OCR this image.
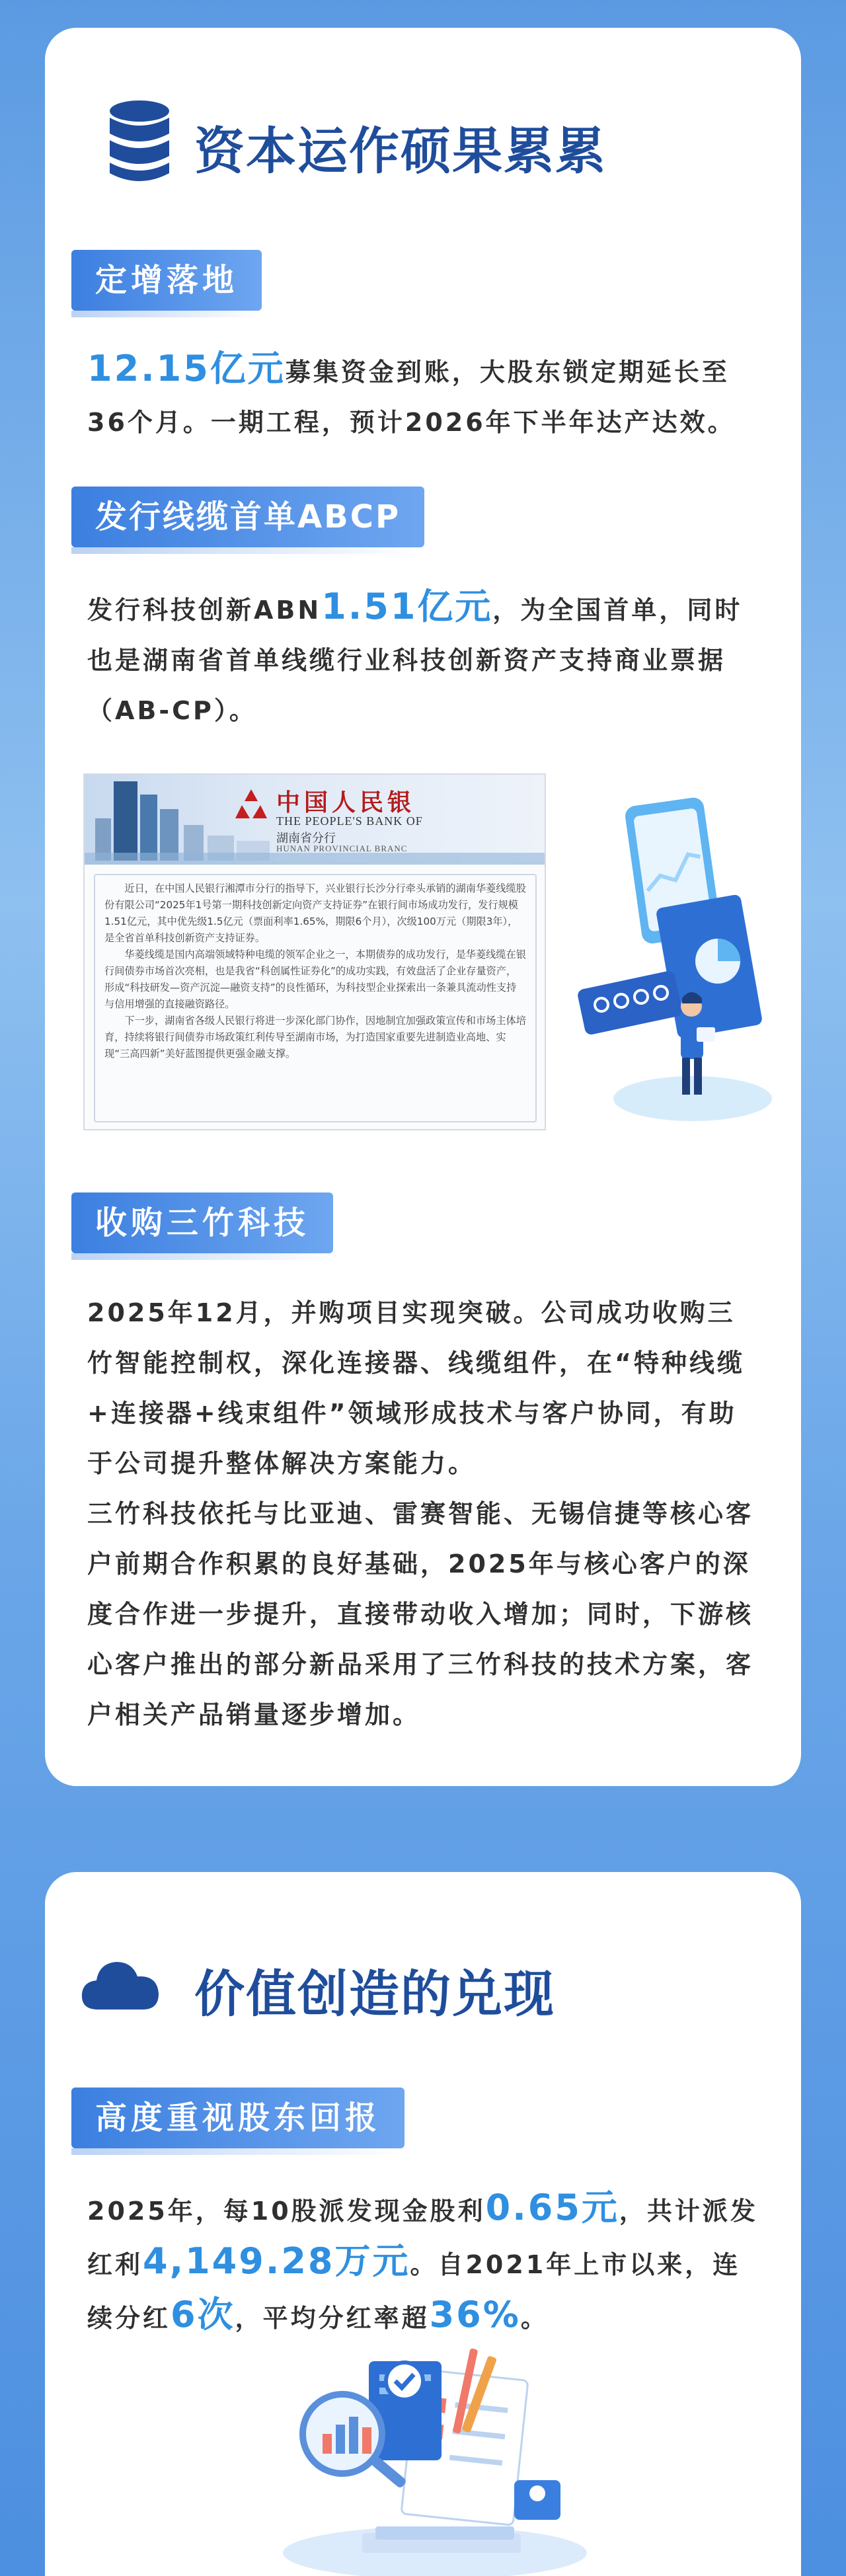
资本运作硕果累累
定增落地
12.15亿元募集资金到账，大股东锁定期延长至36个月。一期工程，预计2026年下半年达产达效。
发行线缆首单ABCP
发行科技创新ABN1.51亿元，为全国首单，同时也是湖南省首单线缆行业科技创新资产支持商业票据（AB-CP）。
中国人民银
THE PEOPLE'S BANK OF
湖南省分行
HUNAN PROVINCIAL BRANC

近日，在中国人民银行湘潭市分行的指导下，兴业银行长沙分行牵头承销的湖南华菱线缆股份有限公司“2025年1号第一期科技创新定向资产支持证券”在银行间市场成功发行，发行规模1.51亿元，其中优先级1.5亿元（票面利率1.65%，期限6个月），次级100万元（期限3年），是全省首单科技创新资产支持证券。

华菱线缆是国内高端领域特种电缆的领军企业之一，本期债券的成功发行，是华菱线缆在银行间债券市场首次亮相，也是我省“科创属性证券化”的成功实践，有效盘活了企业存量资产，形成“科技研发—资产沉淀—融资支持”的良性循环，为科技型企业探索出一条兼具流动性支持与信用增强的直接融资路径。

下一步，湖南省各级人民银行将进一步深化部门协作，因地制宜加强政策宣传和市场主体培育，持续将银行间债券市场政策红利传导至湖南市场，为打造国家重要先进制造业高地、实现“三高四新”美好蓝图提供更强金融支撑。

收购三竹科技
2025年12月，并购项目实现突破。公司成功收购三竹智能控制权，深化连接器、线缆组件，在“特种线缆+连接器+线束组件”领域形成技术与客户协同，有助于公司提升整体解决方案能力。
三竹科技依托与比亚迪、雷赛智能、无锡信捷等核心客户前期合作积累的良好基础，2025年与核心客户的深度合作进一步提升，直接带动收入增加；同时，下游核心客户推出的部分新品采用了三竹科技的技术方案，客户相关产品销量逐步增加。
价值创造的兑现
高度重视股东回报
2025年，每10股派发现金股利0.65元，共计派发红利4,149.28万元。自2021年上市以来，连续分红6次，平均分红率超36%。
